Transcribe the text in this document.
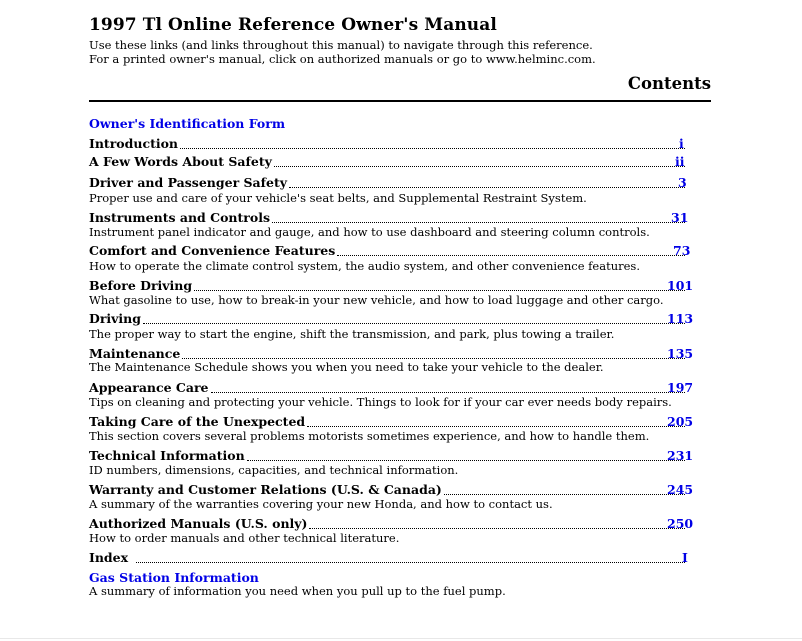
1997 Tl Online Reference Owner's Manual
Use these links (and links throughout this manual) to navigate through this reference.
For a printed owner's manual, click on authorized manuals or go to www.helminc.com.
Contents
Owner's Identification Form
Introduction	i
A Few Words About Safety	ii
Driver and Passenger Safety	3
Proper use and care of your vehicle's seat belts, and Supplemental Restraint System.
Instruments and Controls	31
Instrument panel indicator and gauge, and how to use dashboard and steering column controls.
Comfort and Convenience Features	73
How to operate the climate control system, the audio system, and other convenience features.
Before Driving	101
What gasoline to use, how to break-in your new vehicle, and how to load luggage and other cargo.
Driving	113
The proper way to start the engine, shift the transmission, and park, plus towing a trailer.
Maintenance	135
The Maintenance Schedule shows you when you need to take your vehicle to the dealer.
Appearance Care	197
Tips on cleaning and protecting your vehicle. Things to look for if your car ever needs body repairs.
Taking Care of the Unexpected	205
This section covers several problems motorists sometimes experience, and how to handle them.
Technical Information	231
ID numbers, dimensions, capacities, and technical information.
Warranty and Customer Relations (U.S. & Canada)	245
A summary of the warranties covering your new Honda, and how to contact us.
Authorized Manuals (U.S. only)	250
How to order manuals and other technical literature.
Index	I
Gas Station Information
A summary of information you need when you pull up to the fuel pump.
